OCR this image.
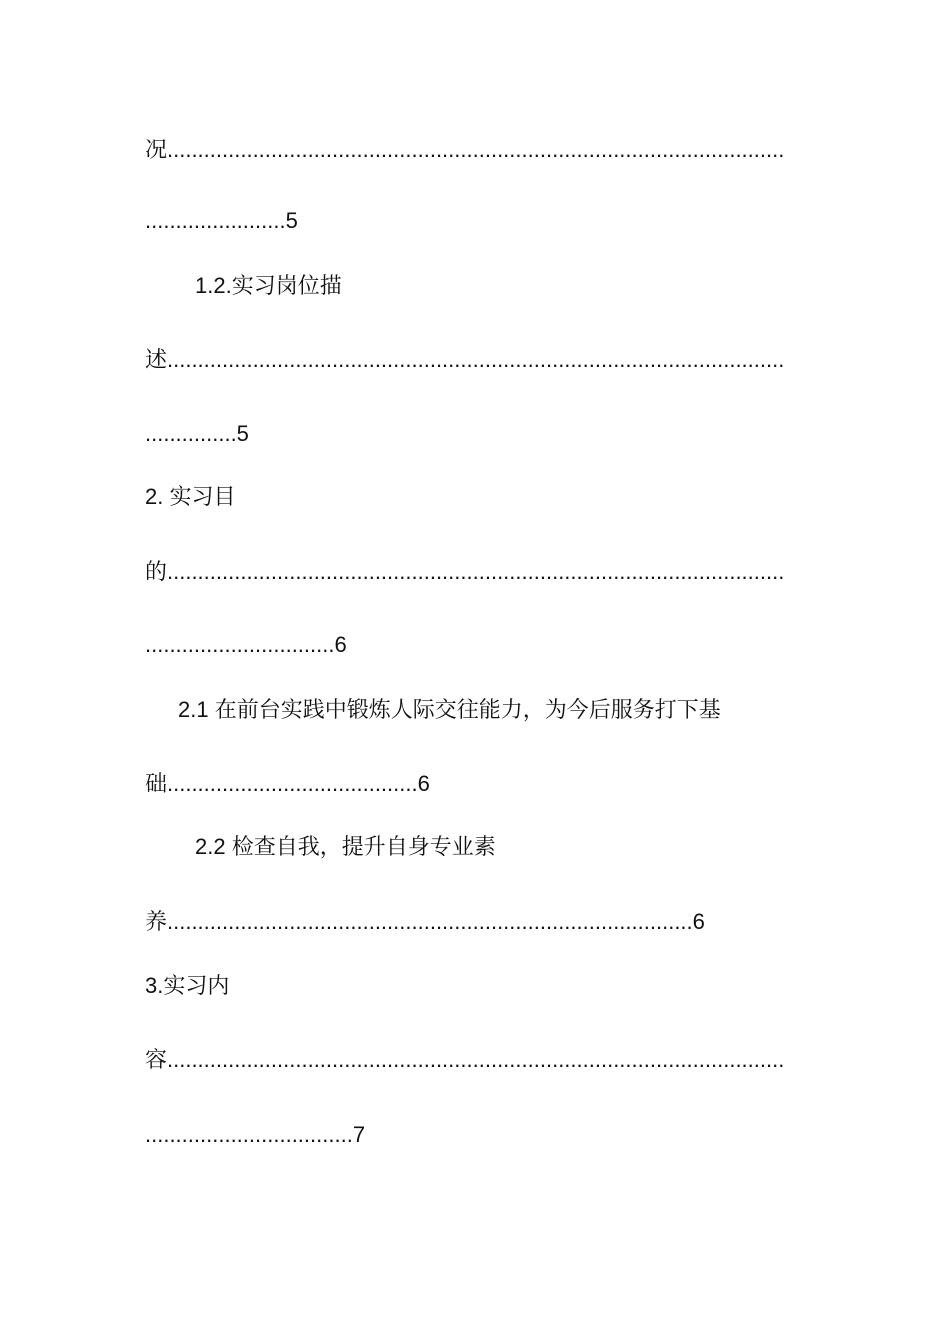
况.....................................................................................................
.......................5
1.2.实习岗位描
述.....................................................................................................
...............5
2. 实习目
的.....................................................................................................
...............................6
2.1 在前台实践中锻炼人际交往能力，为今后服务打下基
础.........................................6
2.2 检查自我，提升自身专业素
养......................................................................................6
3.实习内
容.....................................................................................................
..................................7
